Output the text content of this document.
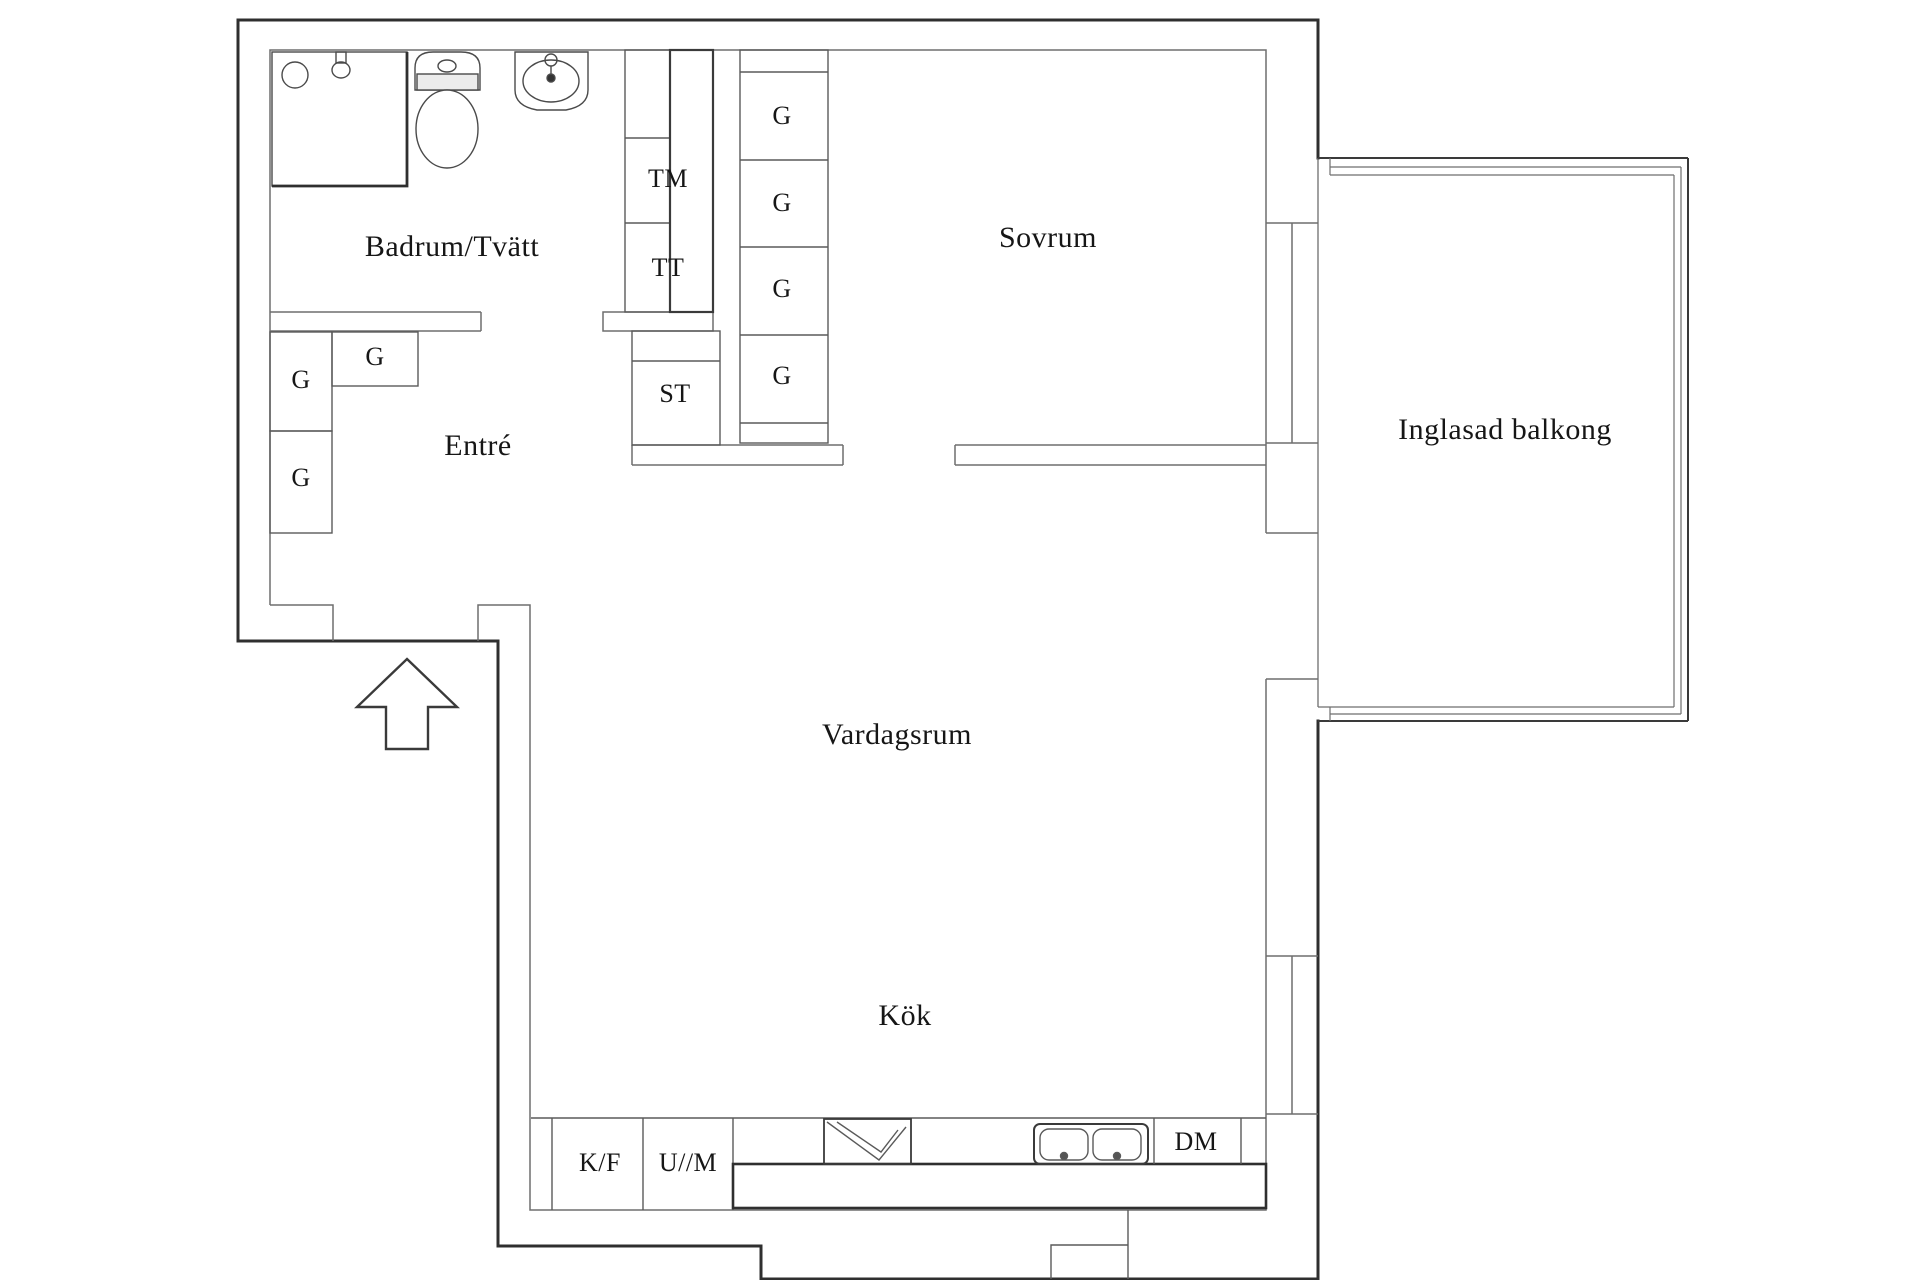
Badrum/Tvätt	Sovrum
Entré
Vardagsrum
Kök
Inglasad balkong
TM
TT
ST
G
G
G
G
G
G
G
K/F U//M
DM
